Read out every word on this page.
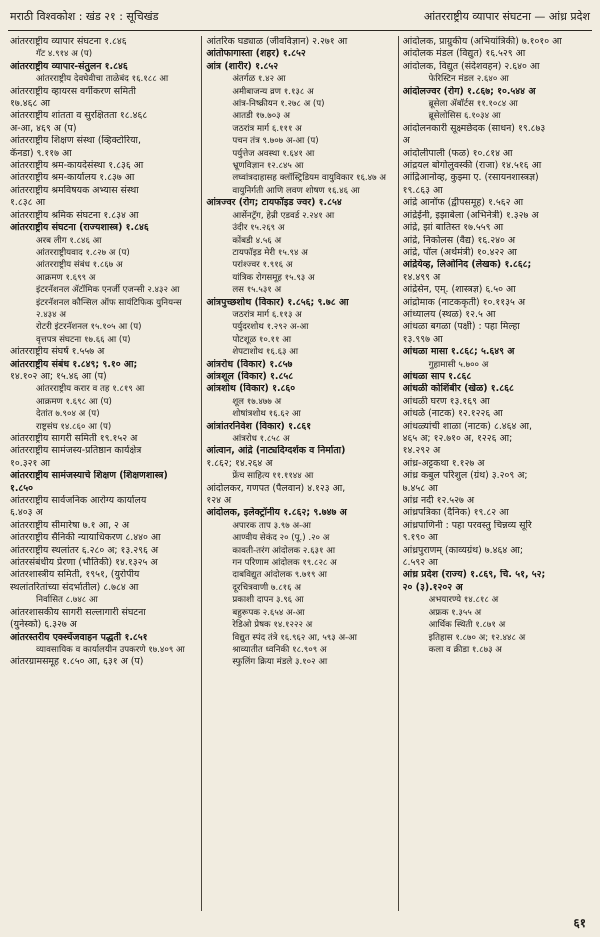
मराठी विश्वकोश : खंड २१ : सूचिखंड	आंतरराष्ट्रीय व्यापार संघटना — आंध्र प्रदेश
आंतरराष्ट्रीय व्यापार संघटना १.८४६
गॅट ४.९१४ अ (प)
आंतरराष्ट्रीय व्यापार-संतुलन १.८४६
आंतरराष्ट्रीय देवघेवीचा ताळेबंद १६.१८८ आ
आंतरराष्ट्रीय व्हायरस वर्गीकरण समिती
१७.४६८ आ
आंतरराष्ट्रीय शांतता व सुरक्षितता १८.४६८
अ-आ, ४६९ अ (प)
आंतरराष्ट्रीय शिक्षण संस्था (व्हिक्टोरिया,
कॅनडा) ९.११७ आ
आंतरराष्ट्रीय श्रम-कायदेसंस्था १.८३६ आ
आंतरराष्ट्रीय श्रम-कार्यालय १.८३७ आ
आंतरराष्ट्रीय श्रमविषयक अभ्यास संस्था
१.८३८ आ
आंतरराष्ट्रीय श्रमिक संघटना १.८३४ आ
आंतरराष्ट्रीय संघटना (राज्यशास्त्र) १.८४६
अरब लीग १.८४६ आ
आंतरराष्ट्रीयवाद १.८२७ अ (प)
आंतरराष्ट्रीय संबंध १.८६७ अ
आक्रमण १.६९९ अ
इंटरनॅशनल ॲटॉमिक एनर्जी एजन्सी २.४३२ आ
इंटरनॅशनल कौन्सिल ऑफ सायंटिफिक युनियन्स
२.४३४ अ
रोटरी इंटरनॅशनल १५.१०५ आ (प)
वृत्तपत्र संघटना १७.६६ आ (प)
आंतरराष्ट्रीय संघर्ष १.५५७ अ
आंतरराष्ट्रीय संबंध १.८४९; ९.१० आ;
१४.१०२ आ; १५.४६ आ (प)
आंतरराष्ट्रीय करार व तह १.८१९ आ
आक्रमण १.६९८ आ (प)
देतांत ७.९०४ अ (प)
राष्ट्रसंघ १४.८६० आ (प)
आंतरराष्ट्रीय सागरी समिती १९.१५२ अ
आंतरराष्ट्रीय सामंजस्य-प्रतिष्ठान कार्यक्षेत्र
१०.३२१ आ
आंतरराष्ट्रीय सामंजस्याचे शिक्षण (शिक्षणशास्त्र)
१.८५०
आंतरराष्ट्रीय सार्वजनिक आरोग्य कार्यालय
६.४०३ अ
आंतरराष्ट्रीय सीमारेषा ७.१ आ, २ अ
आंतरराष्ट्रीय सैनिकी न्यायाधिकरण ८.४४० आ
आंतरराष्ट्रीय स्थलांतर ६.२८० अ; १३.२९६ अ
आंतरसंबंधीय प्रेरणा (भौतिकी) १४.१३२५ अ
आंतरशास्त्रीय समिती, १९५१, (युरोपीय
स्थलांतरितांच्या संदर्भातील) ८.७८४ आ
निर्वासित ८.७४८ आ
आंतरशासकीय सागरी सल्लागारी संघटना
(युनेस्को) ६.३२७ अ
आंतरस्तरीय एक्स्चेंजवाहन पद्धती १.८५१
व्यावसायिक व कार्यालयीन उपकरणे १७.४०९ आ
आंतरग्रामसमूह १.८५० आ, ६३१ अ (प)
आंतरिक घड्याळ (जीवविज्ञान) २.२७१ आ
आंतोफागास्ता (शहर) १.८५२
आंत्र (शारीर) १.८५२
अंतर्गळ १.४२ आ
अमीबाजन्य व्रण १.१३८ अ
आंत्र-निष्क्रीयन १.२७८ अ (प)
आतडी १७.७०३ अ
जठरांत्र मार्ग ६.१११ अ
पचन तंत्र ९.७०७ अ-आ (प)
पर्युत्तेज अवस्था १.६४१ आ
भ्रूणविज्ञान १२.८४५ आ
लघ्वांत्रदाहासह क्लॉस्ट्रिडियम वायुविकार १६.४७ अ
वायुनिर्गती आणि लवण शोषण १६.४६ आ
आंत्रज्वर (रोग; टायफॉइड ज्वर) १.८५४
आर्सेनट्रॅग, हेन्री एडवर्ड २.२४१ आ
उंदीर १५.२६९ अ
कोंबडी ४.५६ अ
टायफॉइड मेरी १५.९४ अ
परांश्ज्वर १.९१६ अ
यांत्रिक रोगसमूह १५.९३ अ
लस १५.५३१ अ
आंत्रपुच्छशोथ (विकार) १.८५६; ९.७८ आ
जठरांत्र मार्ग ६.११३ अ
पर्युदरशोथ १.२९२ अ-आ
पोटशूळ १०.११ आ
शेपटाशोथ १६.६३ आ
आंत्ररोध (विकार) १.८५७
आंत्रशूल (विकार) १.८५८
आंत्रशोथ (विकार) १.८६०
शूल १७.४७७ अ
शोषांत्रशोथ १६.६२ आ
आंत्रांतरनिवेश (विकार) १.८६१
आंत्ररोध १.८५८ अ
आंत्वान, आंद्रे (नाट्यदिग्दर्शक व निर्माता)
१.८६२; १४.२६४ अ
फ्रेंच साहित्य ११.११४४ आ
आंदोलकर, गणपत (पैलवान) ४.१२३ आ,
१२४ अ
आंदोलक, इलेक्ट्रॉनीय १.८६२; ९.७४७ अ
अपारक ताप ३.९७ अ-आ
आण्वीय सेकंद २० (पू.) .२० अ
कावती-तरंग आंदोलक २.६३१ आ
गन परिणाम आंदोलक १९.८२८ अ
दाबविद्युत आंदोलक ९.७१९ आ
दूरचित्रवाणी ७.८१६ अ
प्रकाशी दापन ३.९६ आ
बहुरूपक २.६५४ अ-आ
रेडिओ प्रेषक १४.१२२२ अ
विद्युत स्पंद तंत्रे १६.९६२ आ, ५९३ अ-आ
श्राव्यातीत ध्वनिकी १८.९०९ अ
स्फुलिंग क्रिया मंडले ३.१०२ आ
आंदोलक, प्राग्रुकीय (अभियांत्रिकी) ७.१०१० आ
आंदोलक मंडल (विद्युत) १६.५२९ आ
आंदोलक, विद्युत (संदेशवहन) २.६४० आ
फेरिस्टिन मंडल २.६४० आ
आंदोलज्वर (रोग) १.८६७; १०.५४४ अ
ब्रूसेला ॲबॉर्टस ११.१०८४ आ
ब्रूसेलोसिस ६.१०३४ आ
आंदोलनकारी सूक्ष्मछेदक (साधन) १९.८७३
अ
आंदोलीपाली (फळ) १०.८१४ आ
आंद्रयल बोगोलुवस्की (राजा) १४.५१६ आ
आंद्रिआनोव्ह, कुझ्मा ए. (रसायनशास्त्रज्ञ)
१९.८६३ आ
आंद्रे आनॉफ (द्वीपसमूह) १.५६२ आ
आंद्रेईनी, इझाबेला (अभिनेत्री) १.३२७ अ
आंद्रे, झां बातिस्त १७.५५९ आ
आंद्रे, निकोलस (वैद्य) १६.२४० अ
आंद्रे, पॉल (अर्थमंत्री) १०.४२२ आ
आंद्रेयेव्ह, लिओनिद (लेखक) १.८६८;
१४.४९९ अ
आंद्रेसेन, एम्. (शास्त्रज्ञ) ६.५० आ
आंद्रोमाक (नाटककृती) १०.११३५ अ
आंध्यालय (स्थळ) १२.५ आ
आंधळा बगळा (पक्षी) : पहा मिल्हा
१३.९९७ आ
आंधळा मासा १.८६८; ५.६४९ अ
गुहामासी ५.७०० अ
आंधळा साप १.८६८
आंधळी कोशिंबीर (खेळ) १.८६८
आंधळी घरण १३.१६९ आ
आंधळे (नाटक) १२.१२२६ आ
आंधळ्यांची शाळा (नाटक) ८.४६४ आ,
४६५ अ; १२.७१० अ, १२२६ आ;
१४.२९२ अ
आंध्र-अट्टकथा १.१२७ अ
आंध्र कबुल परिशुल (ग्रंथ) ३.२०९ अ;
७.४५८ आ
आंध्र नदी १२.५२७ अ
आंध्रपत्रिका (दैनिक) १९.८२ आ
आंध्रपाणिनी : पहा परवस्तु चिन्नव्य सूरि
९.१९० आ
आंध्रपुराणम् (काव्यग्रंथ) ७.४६४ आ;
८.५९२ आ
आंध्र प्रदेश (राज्य) १.८६९, चि. ५१, ५२;
२० (३).१२०२ अ
अभयारण्ये १४.८१८ अ
अफ्रक १.३५५ अ
आर्थिक स्थिती १.८७१ अ
इतिहास १.८७० अ; १२.४४८ अ
कला व क्रीडा १.८७३ अ
६१
